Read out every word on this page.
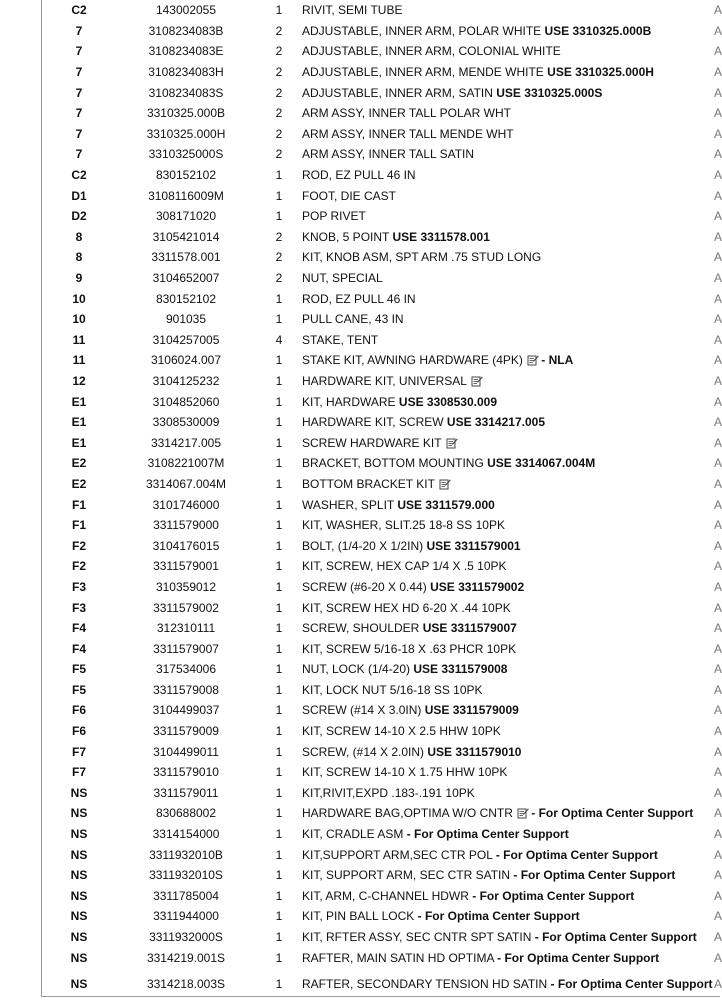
C2	143002055	1	RIVIT, SEMI TUBE	A
7	3108234083B	2	ADJUSTABLE, INNER ARM, POLAR WHITE USE 3310325.000B	A
7	3108234083E	2	ADJUSTABLE, INNER ARM, COLONIAL WHITE	A
7	3108234083H	2	ADJUSTABLE, INNER ARM, MENDE WHITE USE 3310325.000H	A
7	3108234083S	2	ADJUSTABLE, INNER ARM, SATIN USE 3310325.000S	A
7	3310325.000B	2	ARM ASSY, INNER TALL POLAR WHT	A
7	3310325.000H	2	ARM ASSY, INNER TALL MENDE WHT	A
7	3310325000S	2	ARM ASSY, INNER TALL SATIN	A
C2	830152102	1	ROD, EZ PULL 46 IN	A
D1	3108116009M	1	FOOT, DIE CAST	A
D2	308171020	1	POP RIVET	A
8	3105421014	2	KNOB, 5 POINT USE 3311578.001	A
8	3311578.001	2	KIT, KNOB ASM, SPT ARM .75 STUD LONG	A
9	3104652007	2	NUT, SPECIAL	A
10	830152102	1	ROD, EZ PULL 46 IN	A
10	901035	1	PULL CANE, 43 IN	A
11	3104257005	4	STAKE, TENT	A
11	3106024.007	1	STAKE KIT, AWNING HARDWARE (4PK) - NLA	A
12	3104125232	1	HARDWARE KIT, UNIVERSAL	A
E1	3104852060	1	KIT, HARDWARE USE 3308530.009	A
E1	3308530009	1	HARDWARE KIT, SCREW USE 3314217.005	A
E1	3314217.005	1	SCREW HARDWARE KIT	A
E2	3108221007M	1	BRACKET, BOTTOM MOUNTING USE 3314067.004M	A
E2	3314067.004M	1	BOTTOM BRACKET KIT	A
F1	3101746000	1	WASHER, SPLIT USE 3311579.000	A
F1	3311579000	1	KIT, WASHER, SLIT.25 18-8 SS 10PK	A
F2	3104176015	1	BOLT, (1/4-20 X 1/2IN) USE 3311579001	A
F2	3311579001	1	KIT, SCREW, HEX CAP 1/4 X .5 10PK	A
F3	310359012	1	SCREW (#6-20 X 0.44) USE 3311579002	A
F3	3311579002	1	KIT, SCREW HEX HD 6-20 X .44 10PK	A
F4	312310111	1	SCREW, SHOULDER USE 3311579007	A
F4	3311579007	1	KIT, SCREW 5/16-18 X .63 PHCR 10PK	A
F5	317534006	1	NUT, LOCK (1/4-20) USE 3311579008	A
F5	3311579008	1	KIT, LOCK NUT 5/16-18 SS 10PK	A
F6	3104499037	1	SCREW (#14 X 3.0IN) USE 3311579009	A
F6	3311579009	1	KIT, SCREW 14-10 X 2.5 HHW 10PK	A
F7	3104499011	1	SCREW, (#14 X 2.0IN) USE 3311579010	A
F7	3311579010	1	KIT, SCREW 14-10 X 1.75 HHW 10PK	A
NS	3311579011	1	KIT,RIVIT,EXPD .183-.191 10PK	A
NS	830688002	1	HARDWARE BAG,OPTIMA W/O CNTR - For Optima Center Support	A
NS	3314154000	1	KIT, CRADLE ASM - For Optima Center Support	A
NS	3311932010B	1	KIT,SUPPORT ARM,SEC CTR POL - For Optima Center Support	A
NS	3311932010S	1	KIT, SUPPORT ARM, SEC CTR SATIN - For Optima Center Support	A
NS	3311785004	1	KIT, ARM, C-CHANNEL HDWR - For Optima Center Support	A
NS	3311944000	1	KIT, PIN BALL LOCK - For Optima Center Support	A
NS	3311932000S	1	KIT, RFTER ASSY, SEC CNTR SPT SATIN - For Optima Center Support	A
NS	3314219.001S	1	RAFTER, MAIN SATIN HD OPTIMA - For Optima Center Support	A
NS	3314218.003S	1	RAFTER, SECONDARY TENSION HD SATIN - For Optima Center Support	A
